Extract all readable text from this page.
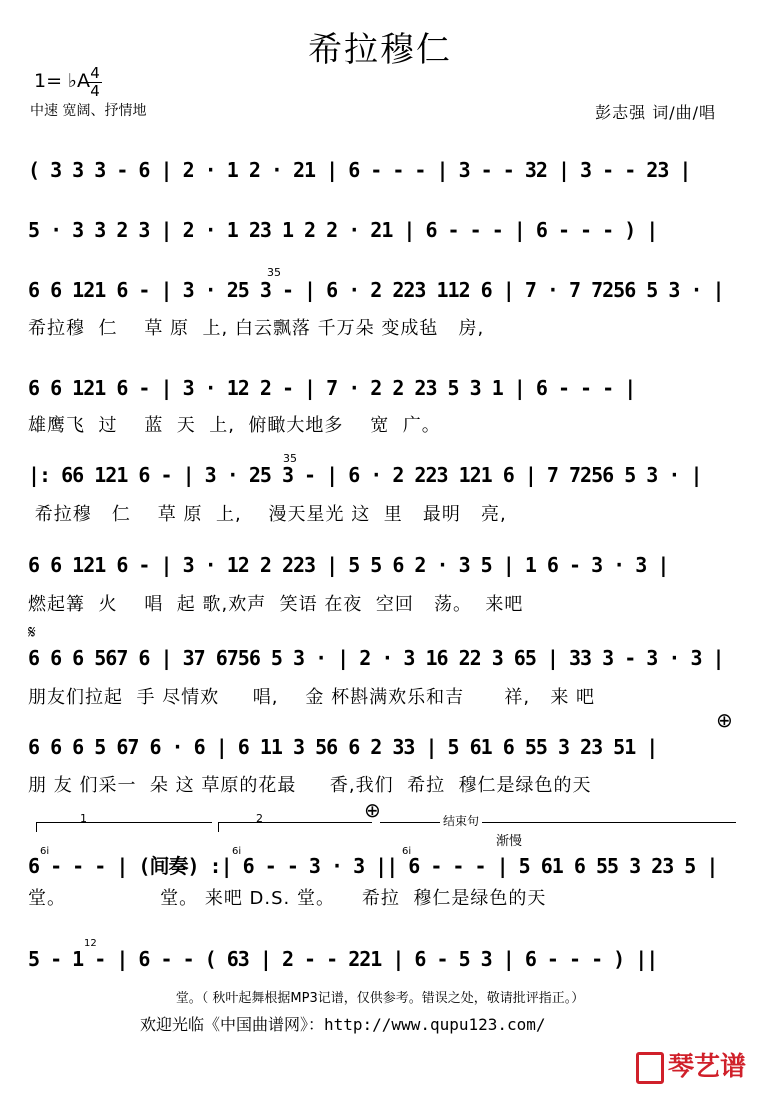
希拉穆仁
1= ♭A 4
4
中速 宽阔、抒情地	彭志强 词/曲/唱
( 3 3 3 - 6 | 2 · 1 2 · 21 | 6 - - - | 3 - - 32 | 3 - - 23 |
5 · 3 3 2 3 | 2 · 1 23 1 2 2 · 21 | 6 - - - | 6 - - - ) |
6 6 121 6 - | 3 · 25 3 - | 6 · 2 223 112 6 | 7 · 7 7256 5 3 · |
希拉穆  仁    草 原  上, 白云飘落 千万朵 变成毡   房,
35
6 6 121 6 - | 3 · 12 2 - | 7 · 2 2 23 5 3 1 | 6 - - - |
雄鹰飞  过    蓝  天  上,  俯瞰大地多    宽  广。
|: 66 121 6 - | 3 · 25 3 - | 6 · 2 223 121 6 | 7 7256 5 3 · |
希拉穆   仁    草 原  上,    漫天星光 这  里   最明   亮,
35
6 6 121 6 - | 3 · 12 2 223 | 5 5 6 2 · 3 5 | 1 6 - 3 · 3 |
燃起篝  火    唱  起 歌,欢声  笑语 在夜  空回   荡。  来吧
𝄋
6 6 6 567 6 | 37 6756 5 3 · | 2 · 3 16 22 3 65 | 33 3 - 3 · 3 |
朋友们拉起  手 尽情欢     唱,    金 杯斟满欢乐和吉      祥,   来 吧
⊕
6 6 6 5 67 6 · 6 | 6 11 3 56 6 2 33 | 5 61 6 55 3 23 51 |
朋 友 们采一  朵 这 草原的花最     香,我们  希拉  穆仁是绿色的天
1	2	⊕	结束句
渐慢
6i	6i	6i
6 - - - | (间奏) :| 6 - - 3 · 3 || 6 - - - | 5 61 6 55 3 23 5 |
堂。              堂。 来吧 D.S. 堂。    希拉  穆仁是绿色的天
12
5 - 1 - | 6 - - ( 63 | 2 - - 221 | 6 - 5 3 | 6 - - - ) ||
堂。（ 秋叶起舞根据MP3记谱，仅供参考。错误之处，敬请批评指正。）
欢迎光临《中国曲谱网》：http://www.qupu123.com/
琴艺谱
